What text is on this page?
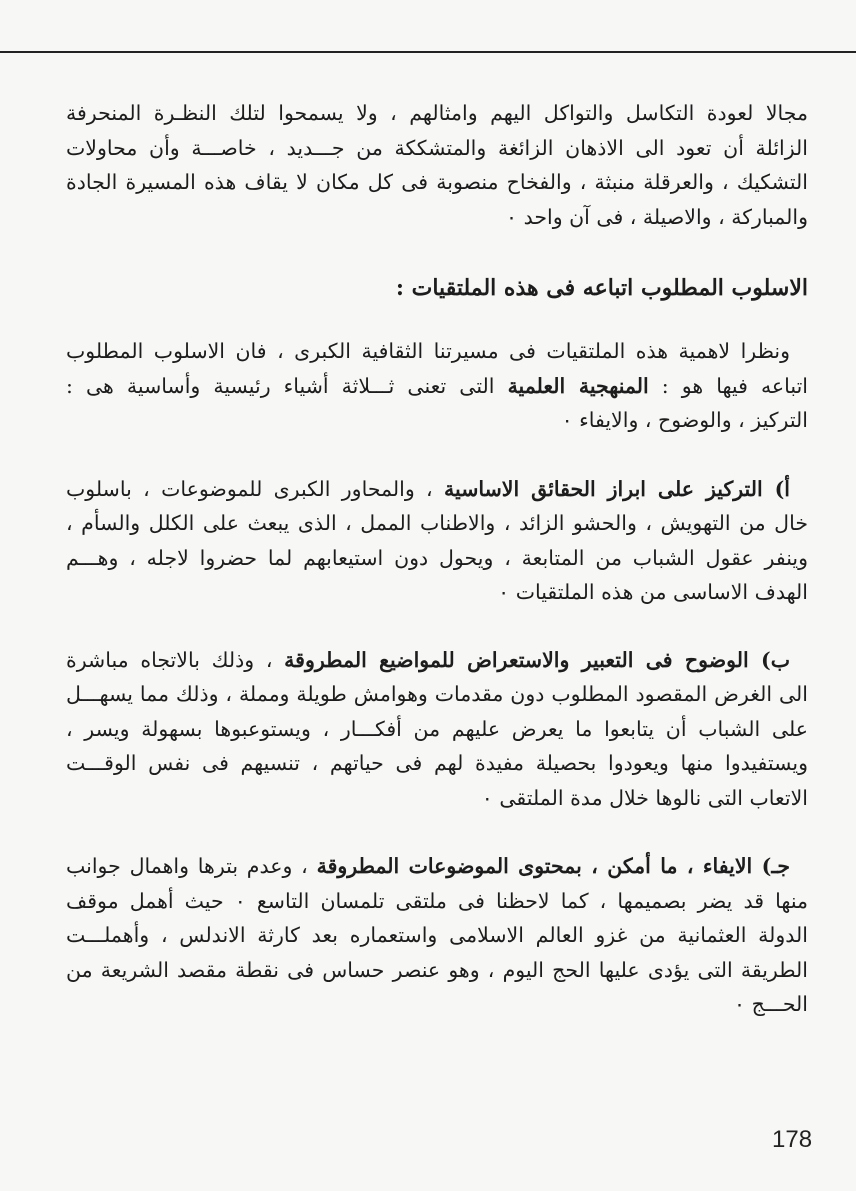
مجالا لعودة التكاسل والتواكل اليهم وامثالهم ، ولا يسمحوا لتلك النظـرة المنحرفة
الزائلة أن تعود الى الاذهان الزائغة والمتشككة من جـــديد ، خاصـــة وأن محاولات
التشكيك ، والعرقلة منبثة ، والفخاح منصوبة فى كل مكان لا يقاف هذه المسيرة الجادة
والمباركة ، والاصيلة ، فى آن واحد ٠
الاسلوب المطلوب اتباعه فى هذه الملتقيات :
ونظرا لاهمية هذه الملتقيات فى مسيرتنا الثقافية الكبرى ، فان الاسلوب المطلوب
اتباعه فيها هو : المنهجية العلمية التى تعنى ثـــلاثة أشياء رئيسية وأساسية هى :
التركيز ، والوضوح ، والايفاء ٠
أ) التركيز على ابراز الحقائق الاساسية ، والمحاور الكبرى للموضوعات ، باسلوب
خال من التهويش ، والحشو الزائد ، والاطناب الممل ، الذى يبعث على الكلل والسأم ،
وينفر عقول الشباب من المتابعة ، ويحول دون استيعابهم لما حضروا لاجله ، وهـــم
الهدف الاساسى من هذه الملتقيات ٠
ب) الوضوح فى التعبير والاستعراض للمواضيع المطروقة ، وذلك بالاتجاه مباشرة
الى الغرض المقصود المطلوب دون مقدمات وهوامش طويلة ومملة ، وذلك مما يسهـــل
على الشباب أن يتابعوا ما يعرض عليهم من أفكـــار ، ويستوعبوها بسهولة ويسر ،
ويستفيدوا منها ويعودوا بحصيلة مفيدة لهم فى حياتهم ، تنسيهم فى نفس الوقـــت
الاتعاب التى نالوها خلال مدة الملتقى ٠
جـ) الايفاء ، ما أمكن ، بمحتوى الموضوعات المطروقة ، وعدم بترها واهمال جوانب
منها قد يضر بصميمها ، كما لاحظنا فى ملتقى تلمسان التاسع ٠ حيث أهمل موقف
الدولة العثمانية من غزو العالم الاسلامى واستعماره بعد كارثة الاندلس ، وأهملـــت
الطريقة التى يؤدى عليها الحج اليوم ، وهو عنصر حساس فى نقطة مقصد الشريعة من
الحـــج ٠
178
